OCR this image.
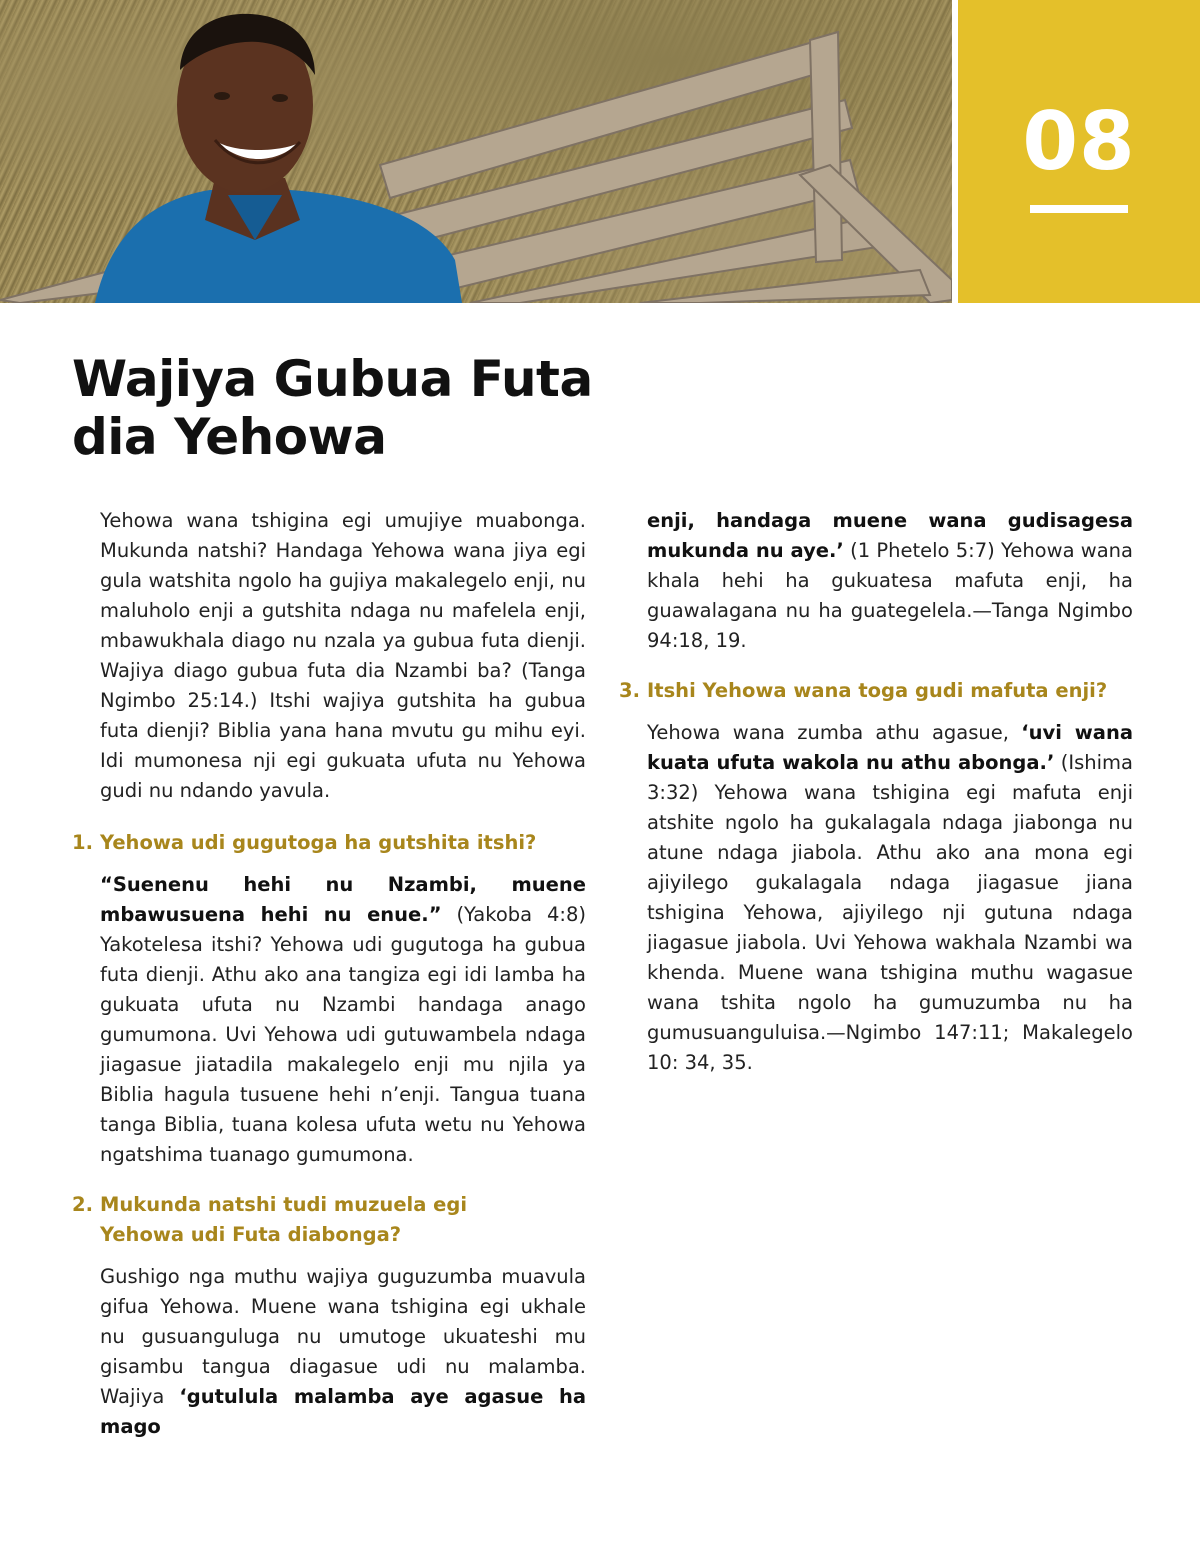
08
Wajiya Gubua Futa
dia Yehowa

Yehowa wana tshigina egi umujiye muabonga. Mukunda natshi? Handaga Yehowa wana jiya egi gula watshita ngolo ha gujiya makalegelo enji, nu maluholo enji a gutshita ndaga nu mafelela enji, mbawukhala diago nu nzala ya gubua futa dienji. Wajiya diago gubua futa dia Nzambi ba? (Tanga Ngimbo 25:14.) Itshi wajiya gutshita ha gubua futa dienji? Biblia yana hana mvutu gu mihu eyi. Idi mumonesa nji egi gukuata ufuta nu Yehowa gudi nu ndando yavula.

1. Yehowa udi gugutoga ha gutshita itshi?

“Suenenu hehi nu Nzambi, muene mbawusuena hehi nu enue.” (Yakoba 4:8) Yakotelesa itshi? Yehowa udi gugutoga ha gubua futa dienji. Athu ako ana tangiza egi idi lamba ha gukuata ufuta nu Nzambi handaga anago gumumona. Uvi Yehowa udi gutuwambela ndaga jiagasue jiatadila makalegelo enji mu njila ya Biblia hagula tusuene hehi n’enji. Tangua tuana tanga Biblia, tuana kolesa ufuta wetu nu Yehowa ngatshima tuanago gumumona.

2. Mukunda natshi tudi muzuela egi
Yehowa udi Futa diabonga?

Gushigo nga muthu wajiya guguzumba muavula gifua Yehowa. Muene wana tshigina egi ukhale nu gusuanguluga nu umutoge ukuateshi mu gisambu tangua diagasue udi nu malamba. Wajiya ‘gutulula malamba aye agasue ha mago

enji, handaga muene wana gudisagesa mukunda nu aye.’ (1 Phetelo 5:7) Yehowa wana khala hehi ha gukuatesa mafuta enji, ha guawalagana nu ha guategelela.—Tanga Ngimbo 94:18, 19.

3. Itshi Yehowa wana toga gudi mafuta enji?

Yehowa wana zumba athu agasue, ‘uvi wana kuata ufuta wakola nu athu abonga.’ (Ishima 3:32) Yehowa wana tshigina egi mafuta enji atshite ngolo ha gukalagala ndaga jiabonga nu atune ndaga jiabola. Athu ako ana mona egi ajiyilego gukalagala ndaga jiagasue jiana tshigina Yehowa, ajiyilego nji gutuna ndaga jiagasue jiabola. Uvi Yehowa wakhala Nzambi wa khenda. Muene wana tshigina muthu wagasue wana tshita ngolo ha gumuzumba nu ha gumusuanguluisa.—Ngimbo 147:11; Makalegelo 10: 34, 35.
